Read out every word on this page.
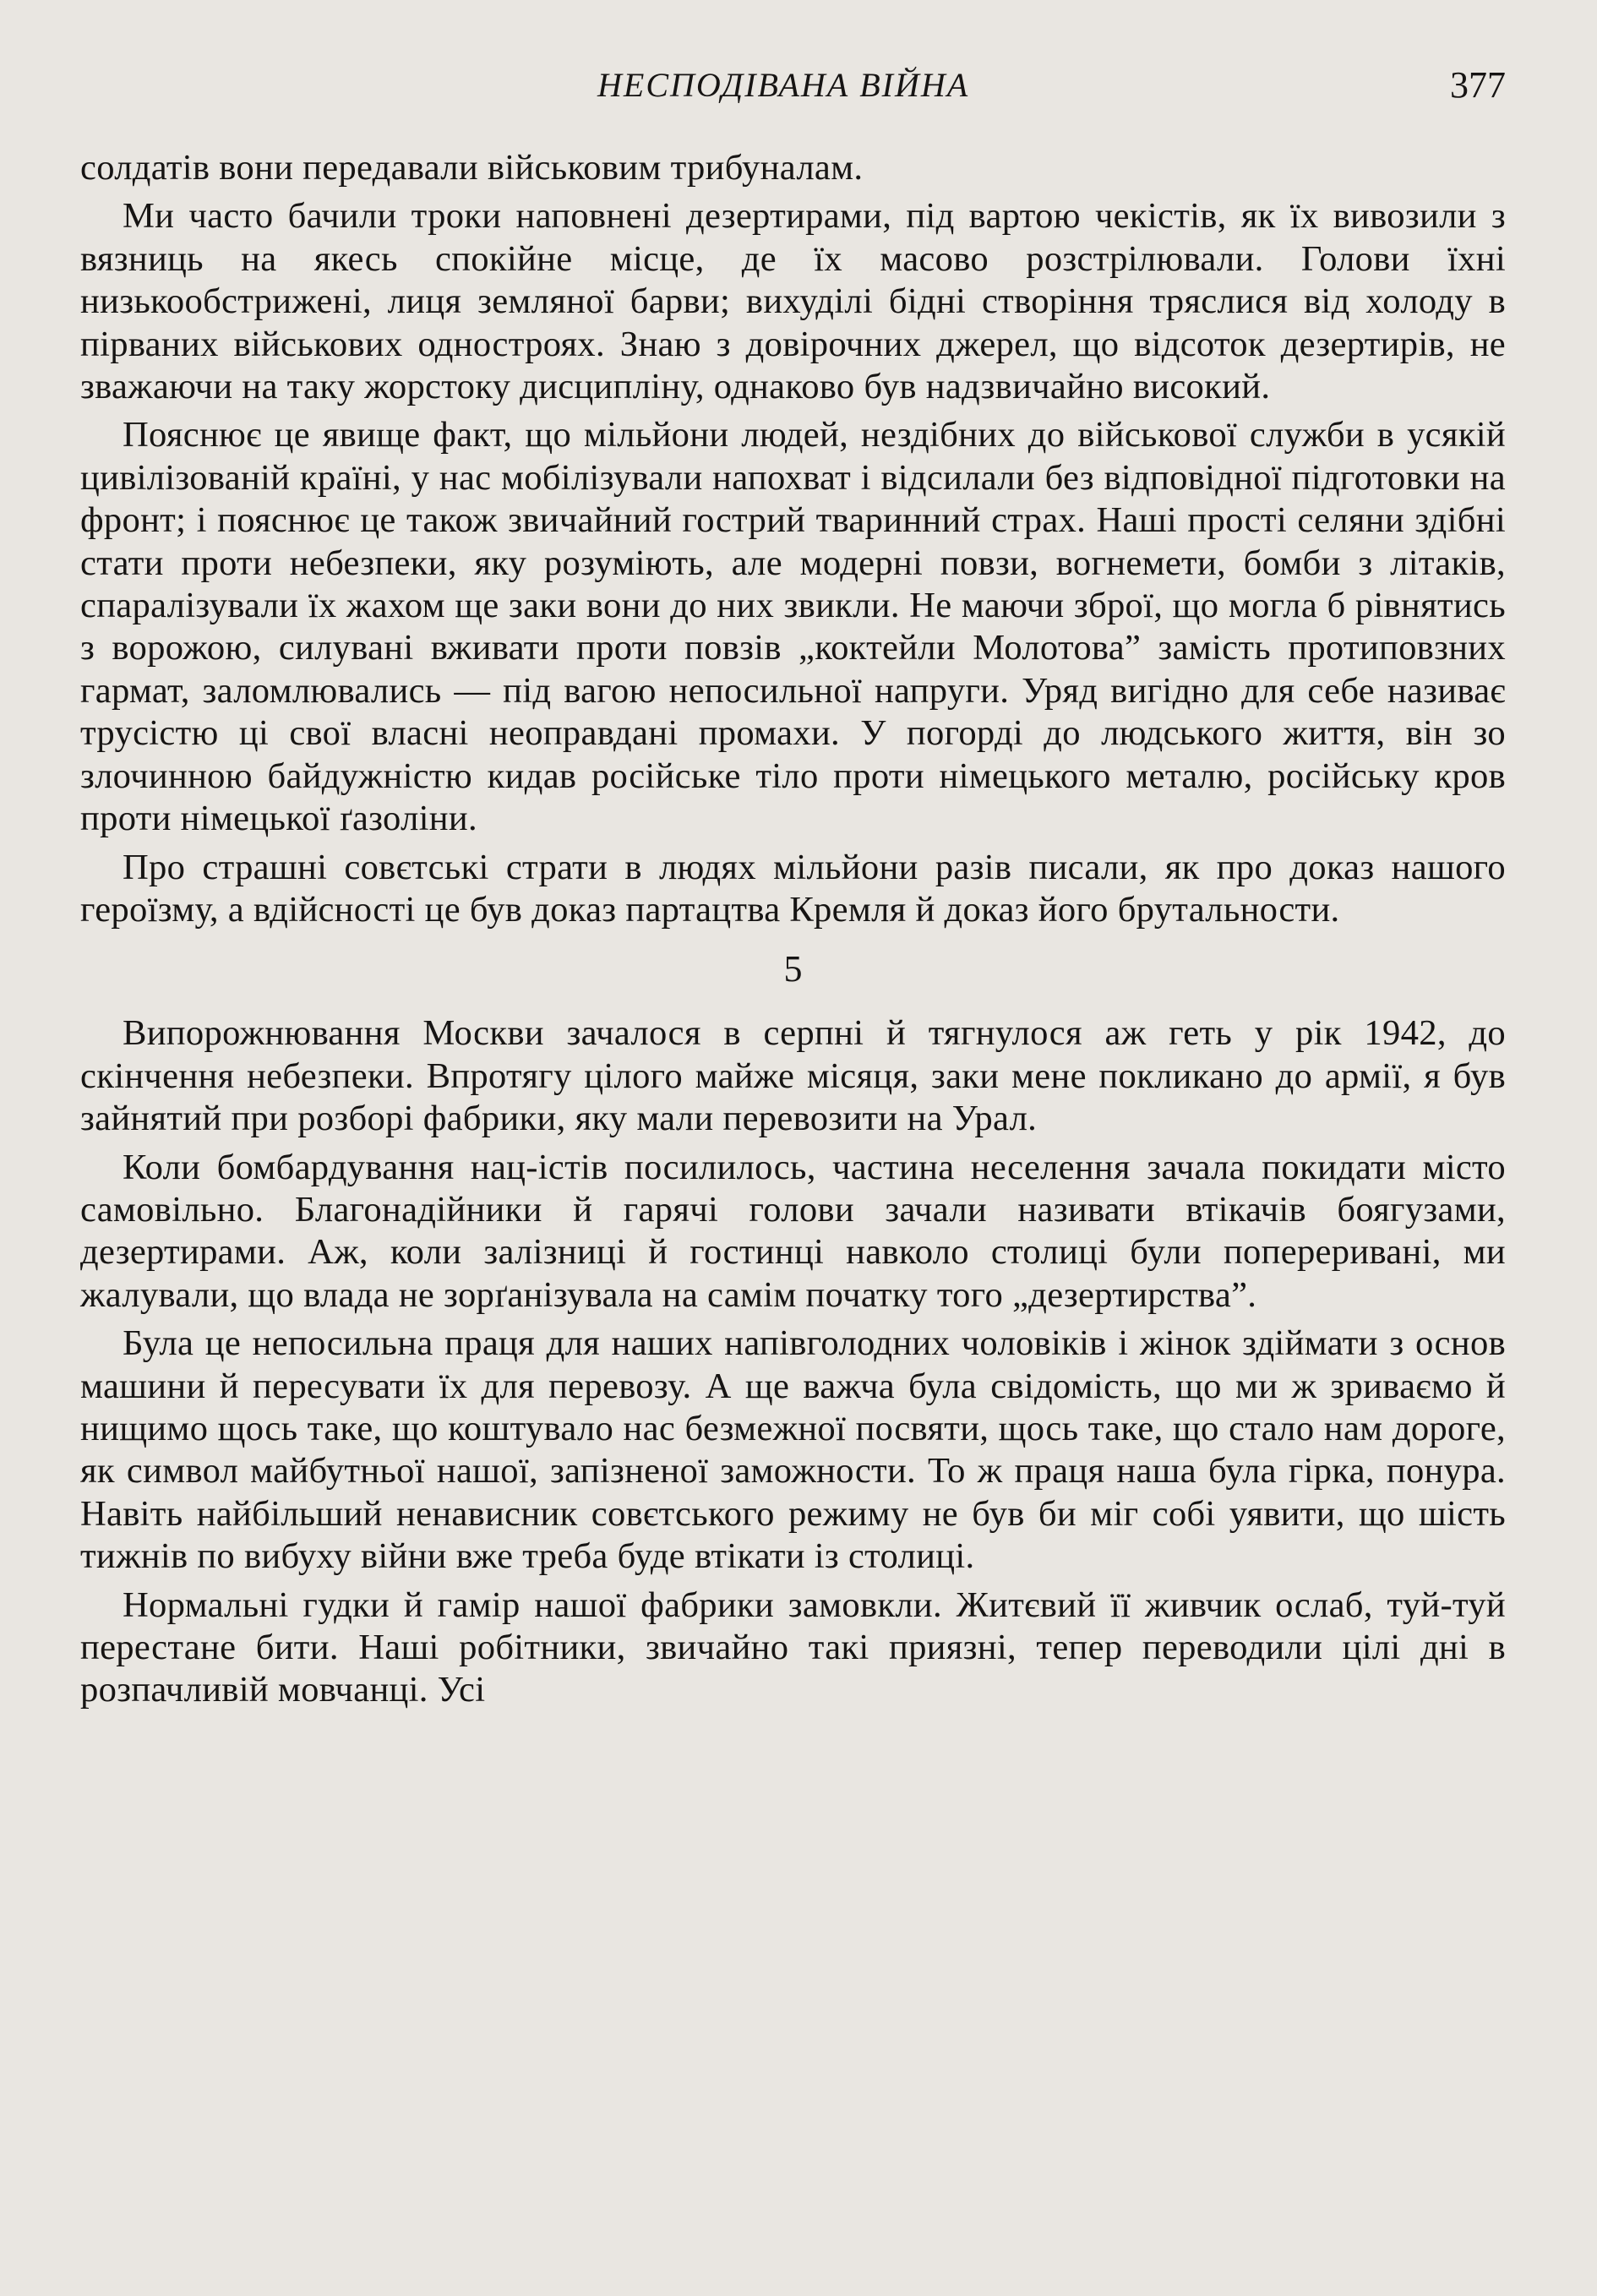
НЕСПОДІВАНА ВІЙНА	377

солдатів вони передавали військовим трибуналам.

Ми часто бачили троки наповнені дезертирами, під вартою чекістів, як їх вивозили з вязниць на якесь спокійне місце, де їх масово розстрілювали. Голови їхні низькообстрижені, лиця земляної барви; вихуділі бідні створіння тряслися від холоду в пірваних військових одностроях. Знаю з довірочних джерел, що відсоток дезертирів, не зважаючи на таку жорстоку дисципліну, однаково був надзвичайно високий.

Пояснює це явище факт, що мільйони людей, нездібних до військової служби в усякій цивілізованій країні, у нас мобілізували напохват і відсилали без відповідної підготовки на фронт; і пояснює це також звичайний гострий тваринний страх. Наші прості селяни здібні стати проти небезпеки, яку розуміють, але модерні повзи, вогнемети, бомби з літаків, спаралізували їх жахом ще заки вони до них звикли. Не маючи зброї, що могла б рівнятись з ворожою, силувані вживати проти повзів „коктейли Молотова” замість протиповзних гармат, заломлювались — під вагою непосильної напруги. Уряд вигідно для себе називає трусістю ці свої власні неоправдані промахи. У погорді до людського життя, він зо злочинною байдужністю кидав російське тіло проти німецького металю, російську кров проти німецької ґазоліни.

Про страшні совєтські страти в людях мільйони разів писали, як про доказ нашого героїзму, а вдійсності це був доказ партацтва Кремля й доказ його брутальности.

5

Випорожнювання Москви зачалося в серпні й тягнулося аж геть у рік 1942, до скінчення небезпеки. Впротягу цілого майже місяця, заки мене покликано до армії, я був зайнятий при розборі фабрики, яку мали перевозити на Урал.

Коли бомбардування нац-істів посилилось, частина неселення зачала покидати місто самовільно. Благонадійники й гарячі голови зачали називати втікачів боягузами, дезертирами. Аж, коли залізниці й гостинці навколо столиці були попереривані, ми жалували, що влада не зорґанізувала на самім початку того „дезертирства”.

Була це непосильна праця для наших напівголодних чоловіків і жінок здіймати з основ машини й пересувати їх для перевозу. А ще важча була свідомість, що ми ж зриваємо й нищимо щось таке, що коштувало нас безмежної посвяти, щось таке, що стало нам дороге, як символ майбутньої нашої, запізненої заможности. То ж праця наша була гірка, понура. Навіть найбільший ненависник совєтського режиму не був би міг собі уявити, що шість тижнів по вибуху війни вже треба буде втікати із столиці.

Нормальні гудки й гамір нашої фабрики замовкли. Житєвий її живчик ослаб, туй-туй перестане бити. Наші робітники, звичайно такі приязні, тепер переводили цілі дні в розпачливій мовчанці. Усі
